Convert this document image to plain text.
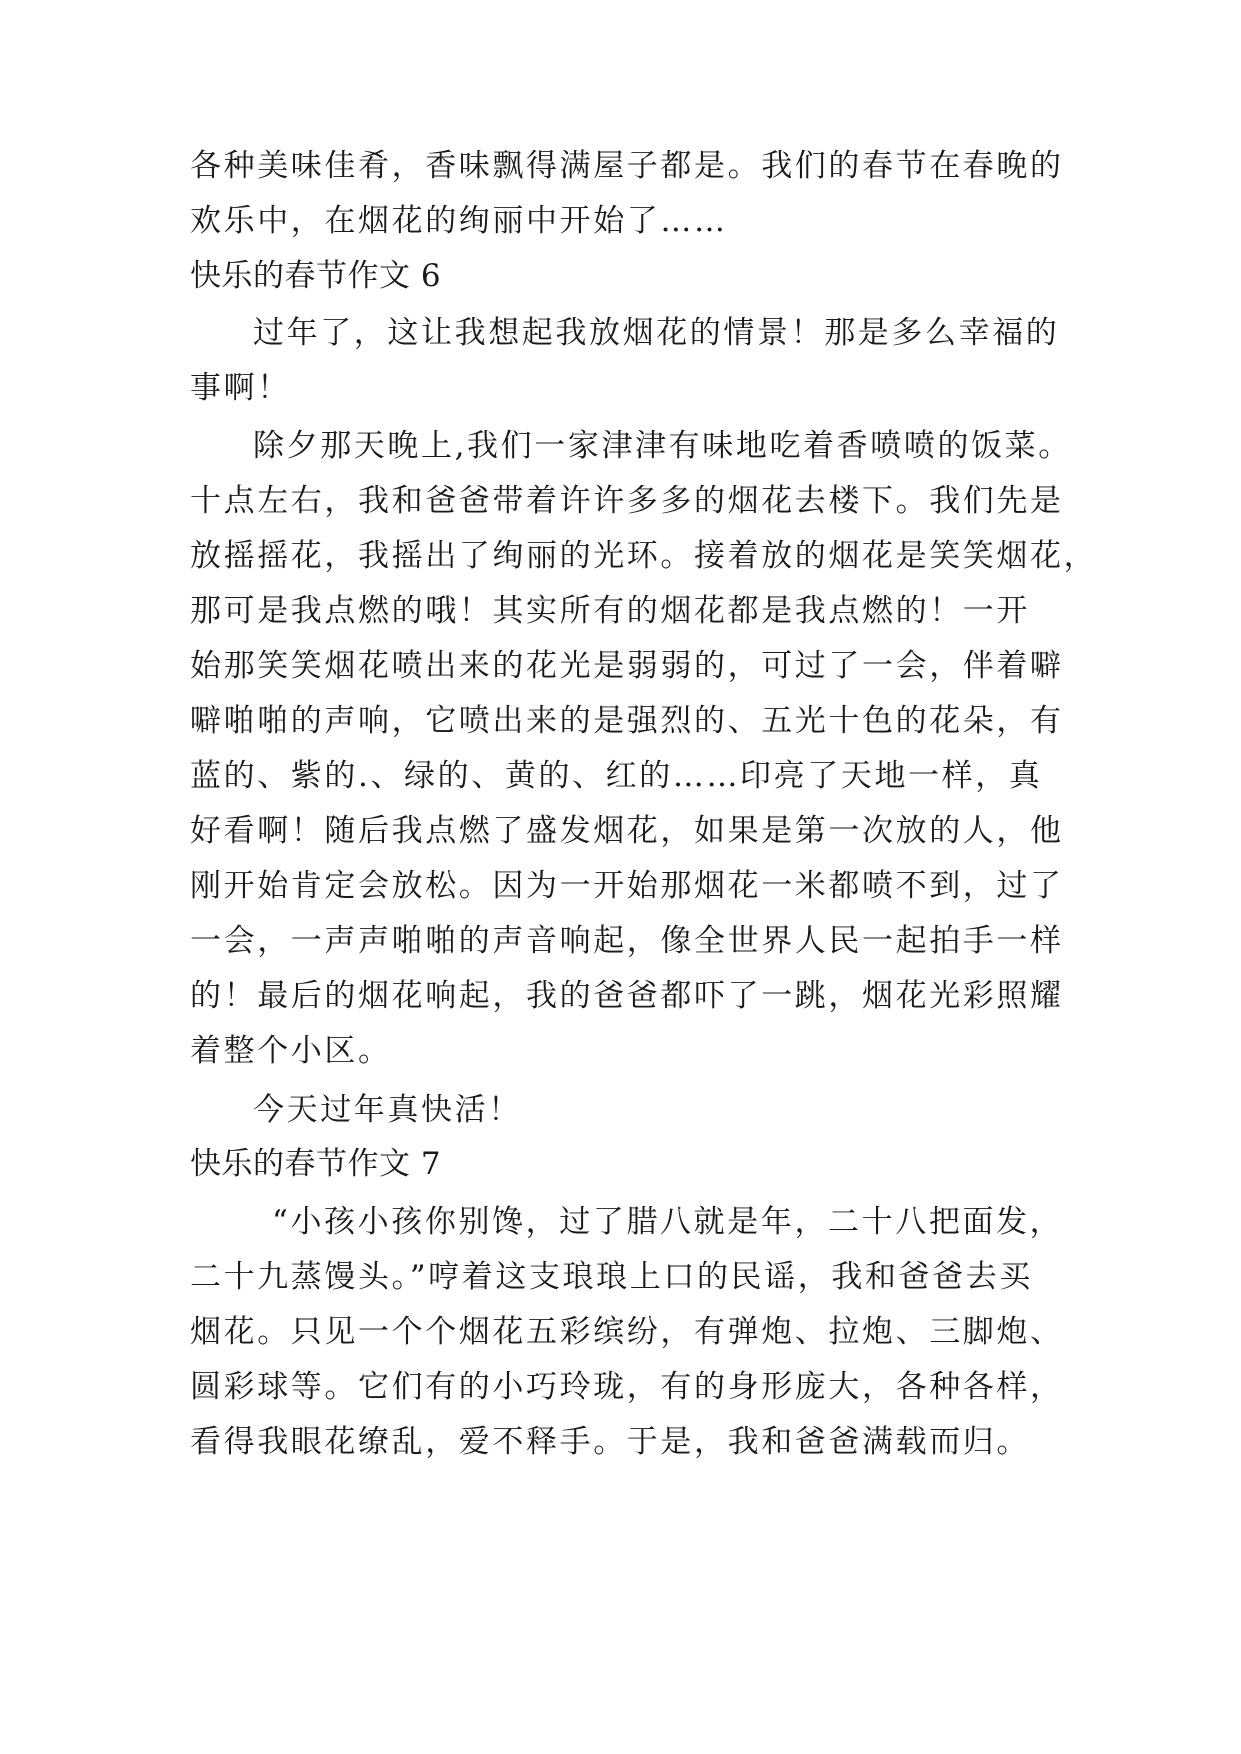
各种美味佳肴，香味飘得满屋子都是。我们的春节在春晚的
欢乐中，在烟花的绚丽中开始了……
快乐的春节作文 6
过年了，这让我想起我放烟花的情景！那是多么幸福的
事啊！
除夕那天晚上,我们一家津津有味地吃着香喷喷的饭菜。
十点左右，我和爸爸带着许许多多的烟花去楼下。我们先是
放摇摇花，我摇出了绚丽的光环。接着放的烟花是笑笑烟花，
那可是我点燃的哦！其实所有的烟花都是我点燃的！一开
始那笑笑烟花喷出来的花光是弱弱的，可过了一会，伴着噼
噼啪啪的声响，它喷出来的是强烈的、五光十色的花朵，有
蓝的、紫的.、绿的、黄的、红的……印亮了天地一样，真
好看啊！随后我点燃了盛发烟花，如果是第一次放的人，他
刚开始肯定会放松。因为一开始那烟花一米都喷不到，过了
一会，一声声啪啪的声音响起，像全世界人民一起拍手一样
的！最后的烟花响起，我的爸爸都吓了一跳，烟花光彩照耀
着整个小区。
今天过年真快活！
快乐的春节作文 7
“小孩小孩你别馋，过了腊八就是年，二十八把面发，
二十九蒸馒头。”哼着这支琅琅上口的民谣，我和爸爸去买
烟花。只见一个个烟花五彩缤纷，有弹炮、拉炮、三脚炮、
圆彩球等。它们有的小巧玲珑，有的身形庞大，各种各样，
看得我眼花缭乱，爱不释手。于是，我和爸爸满载而归。
